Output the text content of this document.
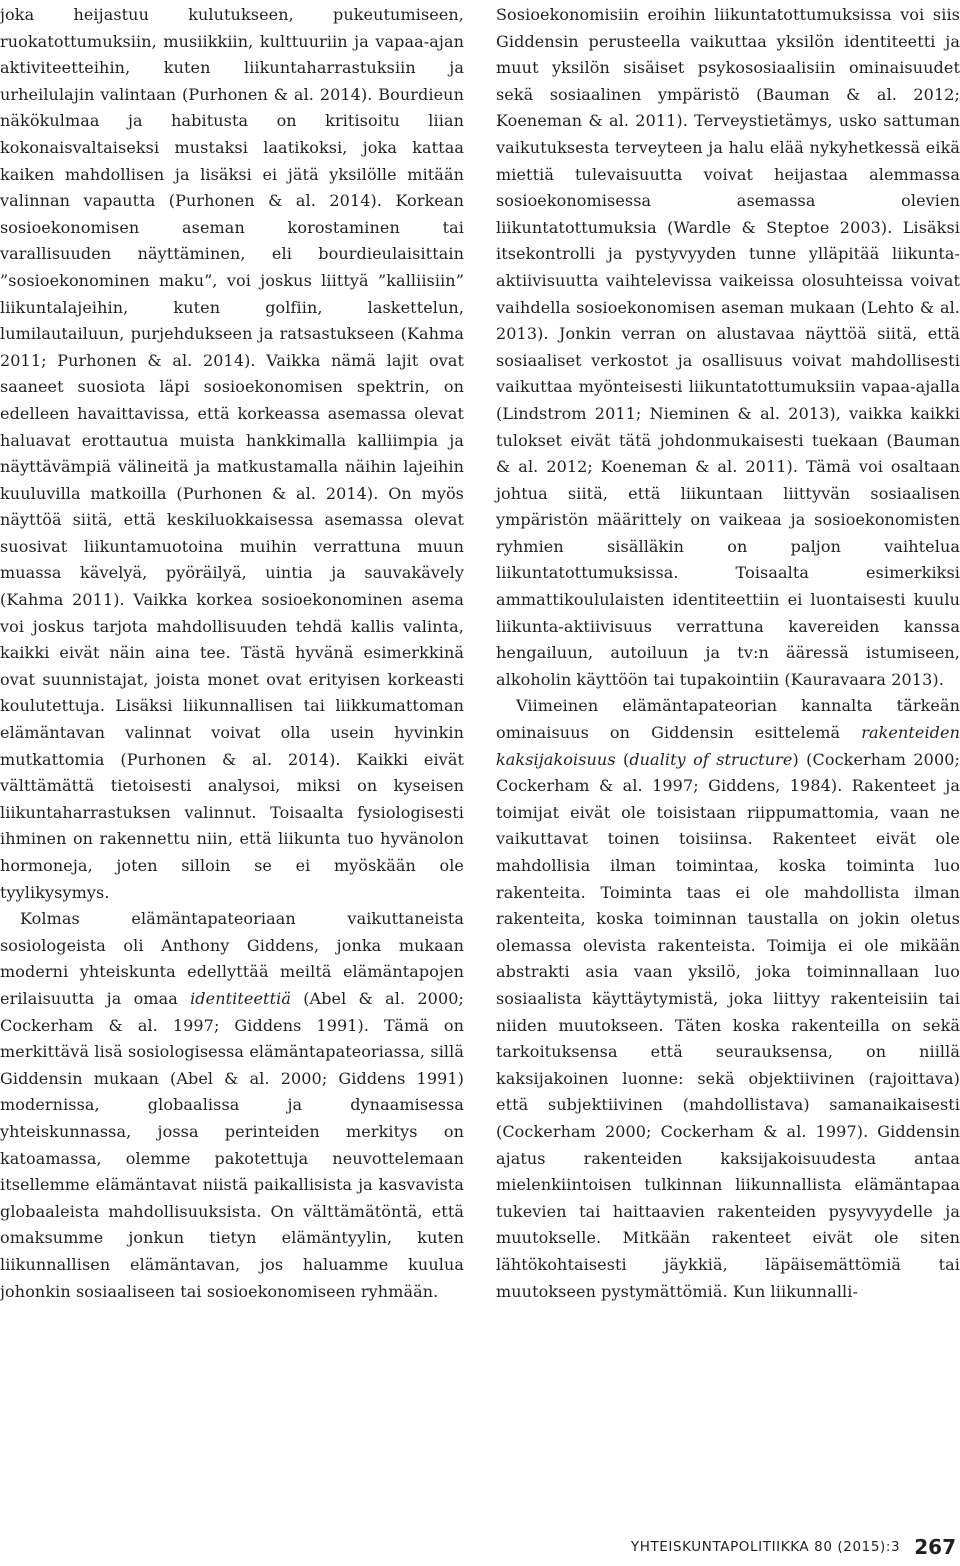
joka heijastuu kulutukseen, pukeutumiseen, ruokatottumuksiin, musiikkiin, kulttuuriin ja vapaa-ajan aktiviteetteihin, kuten liikuntaharrastuksiin ja urheilulajin valintaan (Purhonen & al. 2014). Bourdieun näkökulmaa ja habitusta on kritisoitu liian kokonaisvaltaiseksi mustaksi laatikoksi, joka kattaa kaiken mahdollisen ja lisäksi ei jätä yksilölle mitään valinnan vapautta (Purhonen & al. 2014). Korkean sosioekonomisen aseman korostaminen tai varallisuuden näyttäminen, eli bourdieulaisittain ”sosioekonominen maku”, voi joskus liittyä ”kalliisiin” liikuntalajeihin, kuten golfiin, laskettelun, lumilautailuun, purjehdukseen ja ratsastukseen (Kahma 2011; Purhonen & al. 2014). Vaikka nämä lajit ovat saaneet suosiota läpi sosioekonomisen spektrin, on edelleen havaittavissa, että korkeassa asemassa olevat haluavat erottautua muista hankkimalla kalliimpia ja näyttävämpiä välineitä ja matkustamalla näihin lajeihin kuuluvilla matkoilla (Purhonen & al. 2014). On myös näyttöä siitä, että keskiluokkaisessa asemassa olevat suosivat liikuntamuotoina muihin verrattuna muun muassa kävelyä, pyöräilyä, uintia ja sauvakävely (Kahma 2011). Vaikka korkea sosioekonominen asema voi joskus tarjota mahdollisuuden tehdä kallis valinta, kaikki eivät näin aina tee. Tästä hyvänä esimerkkinä ovat suunnistajat, joista monet ovat erityisen korkeasti koulutettuja. Lisäksi liikunnallisen tai liikkumattoman elämäntavan valinnat voivat olla usein hyvinkin mutkattomia (Purhonen & al. 2014). Kaikki eivät välttämättä tietoisesti analysoi, miksi on kyseisen liikuntaharrastuksen valinnut. Toisaalta fysiologisesti ihminen on rakennettu niin, että liikunta tuo hyvänolon hormoneja, joten silloin se ei myöskään ole tyylikysymys.

Kolmas elämäntapateoriaan vaikuttaneista sosiologeista oli Anthony Giddens, jonka mukaan moderni yhteiskunta edellyttää meiltä elämäntapojen erilaisuutta ja omaa identiteettiä (Abel & al. 2000; Cockerham & al. 1997; Giddens 1991). Tämä on merkittävä lisä sosiologisessa elämäntapateoriassa, sillä Giddensin mukaan (Abel & al. 2000; Giddens 1991) modernissa, globaalissa ja dynaamisessa yhteiskunnassa, jossa perinteiden merkitys on katoamassa, olemme pakotettuja neuvottelemaan itsellemme elämäntavat niistä paikallisista ja kasvavista globaaleista mahdollisuuksista. On välttämätöntä, että omaksumme jonkun tietyn elämäntyylin, kuten liikunnallisen elämäntavan, jos haluamme kuulua johonkin sosiaaliseen tai sosioekonomiseen ryhmään.

Sosioekonomisiin eroihin liikuntatottumuksissa voi siis Giddensin perusteella vaikuttaa yksilön identiteetti ja muut yksilön sisäiset psykososiaalisiin ominaisuudet sekä sosiaalinen ympäristö (Bauman & al. 2012; Koeneman & al. 2011). Terveystietämys, usko sattuman vaikutuksesta terveyteen ja halu elää nykyhetkessä eikä miettiä tulevaisuutta voivat heijastaa alemmassa sosioekonomisessa asemassa olevien liikuntatottumuksia (Wardle & Steptoe 2003). Lisäksi itsekontrolli ja pystyvyyden tunne ylläpitää liikunta-aktiivisuutta vaihtelevissa vaikeissa olosuhteissa voivat vaihdella sosioekonomisen aseman mukaan (Lehto & al. 2013). Jonkin verran on alustavaa näyttöä siitä, että sosiaaliset verkostot ja osallisuus voivat mahdollisesti vaikuttaa myönteisesti liikuntatottumuksiin vapaa-ajalla (Lindstrom 2011; Nieminen & al. 2013), vaikka kaikki tulokset eivät tätä johdonmukaisesti tuekaan (Bauman & al. 2012; Koeneman & al. 2011). Tämä voi osaltaan johtua siitä, että liikuntaan liittyvän sosiaalisen ympäristön määrittely on vaikeaa ja sosioekonomisten ryhmien sisälläkin on paljon vaihtelua liikuntatottumuksissa. Toisaalta esimerkiksi ammattikoululaisten identiteettiin ei luontaisesti kuulu liikunta-aktiivisuus verrattuna kavereiden kanssa hengailuun, autoiluun ja tv:n ääressä istumiseen, alkoholin käyttöön tai tupakointiin (Kauravaara 2013).

Viimeinen elämäntapateorian kannalta tärkeän ominaisuus on Giddensin esittelemä rakenteiden kaksijakoisuus (duality of structure) (Cockerham 2000; Cockerham & al. 1997; Giddens, 1984). Rakenteet ja toimijat eivät ole toisistaan riippumattomia, vaan ne vaikuttavat toinen toisiinsa. Rakenteet eivät ole mahdollisia ilman toimintaa, koska toiminta luo rakenteita. Toiminta taas ei ole mahdollista ilman rakenteita, koska toiminnan taustalla on jokin oletus olemassa olevista rakenteista. Toimija ei ole mikään abstrakti asia vaan yksilö, joka toiminnallaan luo sosiaalista käyttäytymistä, joka liittyy rakenteisiin tai niiden muutokseen. Täten koska rakenteilla on sekä tarkoituksensa että seurauksensa, on niillä kaksijakoinen luonne: sekä objektiivinen (rajoittava) että subjektiivinen (mahdollistava) samanaikaisesti (Cockerham 2000; Cockerham & al. 1997). Giddensin ajatus rakenteiden kaksijakoisuudesta antaa mielenkiintoisen tulkinnan liikunnallista elämäntapaa tukevien tai haittaavien rakenteiden pysyvyydelle ja muutokselle. Mitkään rakenteet eivät ole siten lähtökohtaisesti jäykkiä, läpäisemättömiä tai muutokseen pystymättömiä. Kun liikunnalli-

YHTEISKUNTAPOLITIIKKA 80 (2015):3 267
